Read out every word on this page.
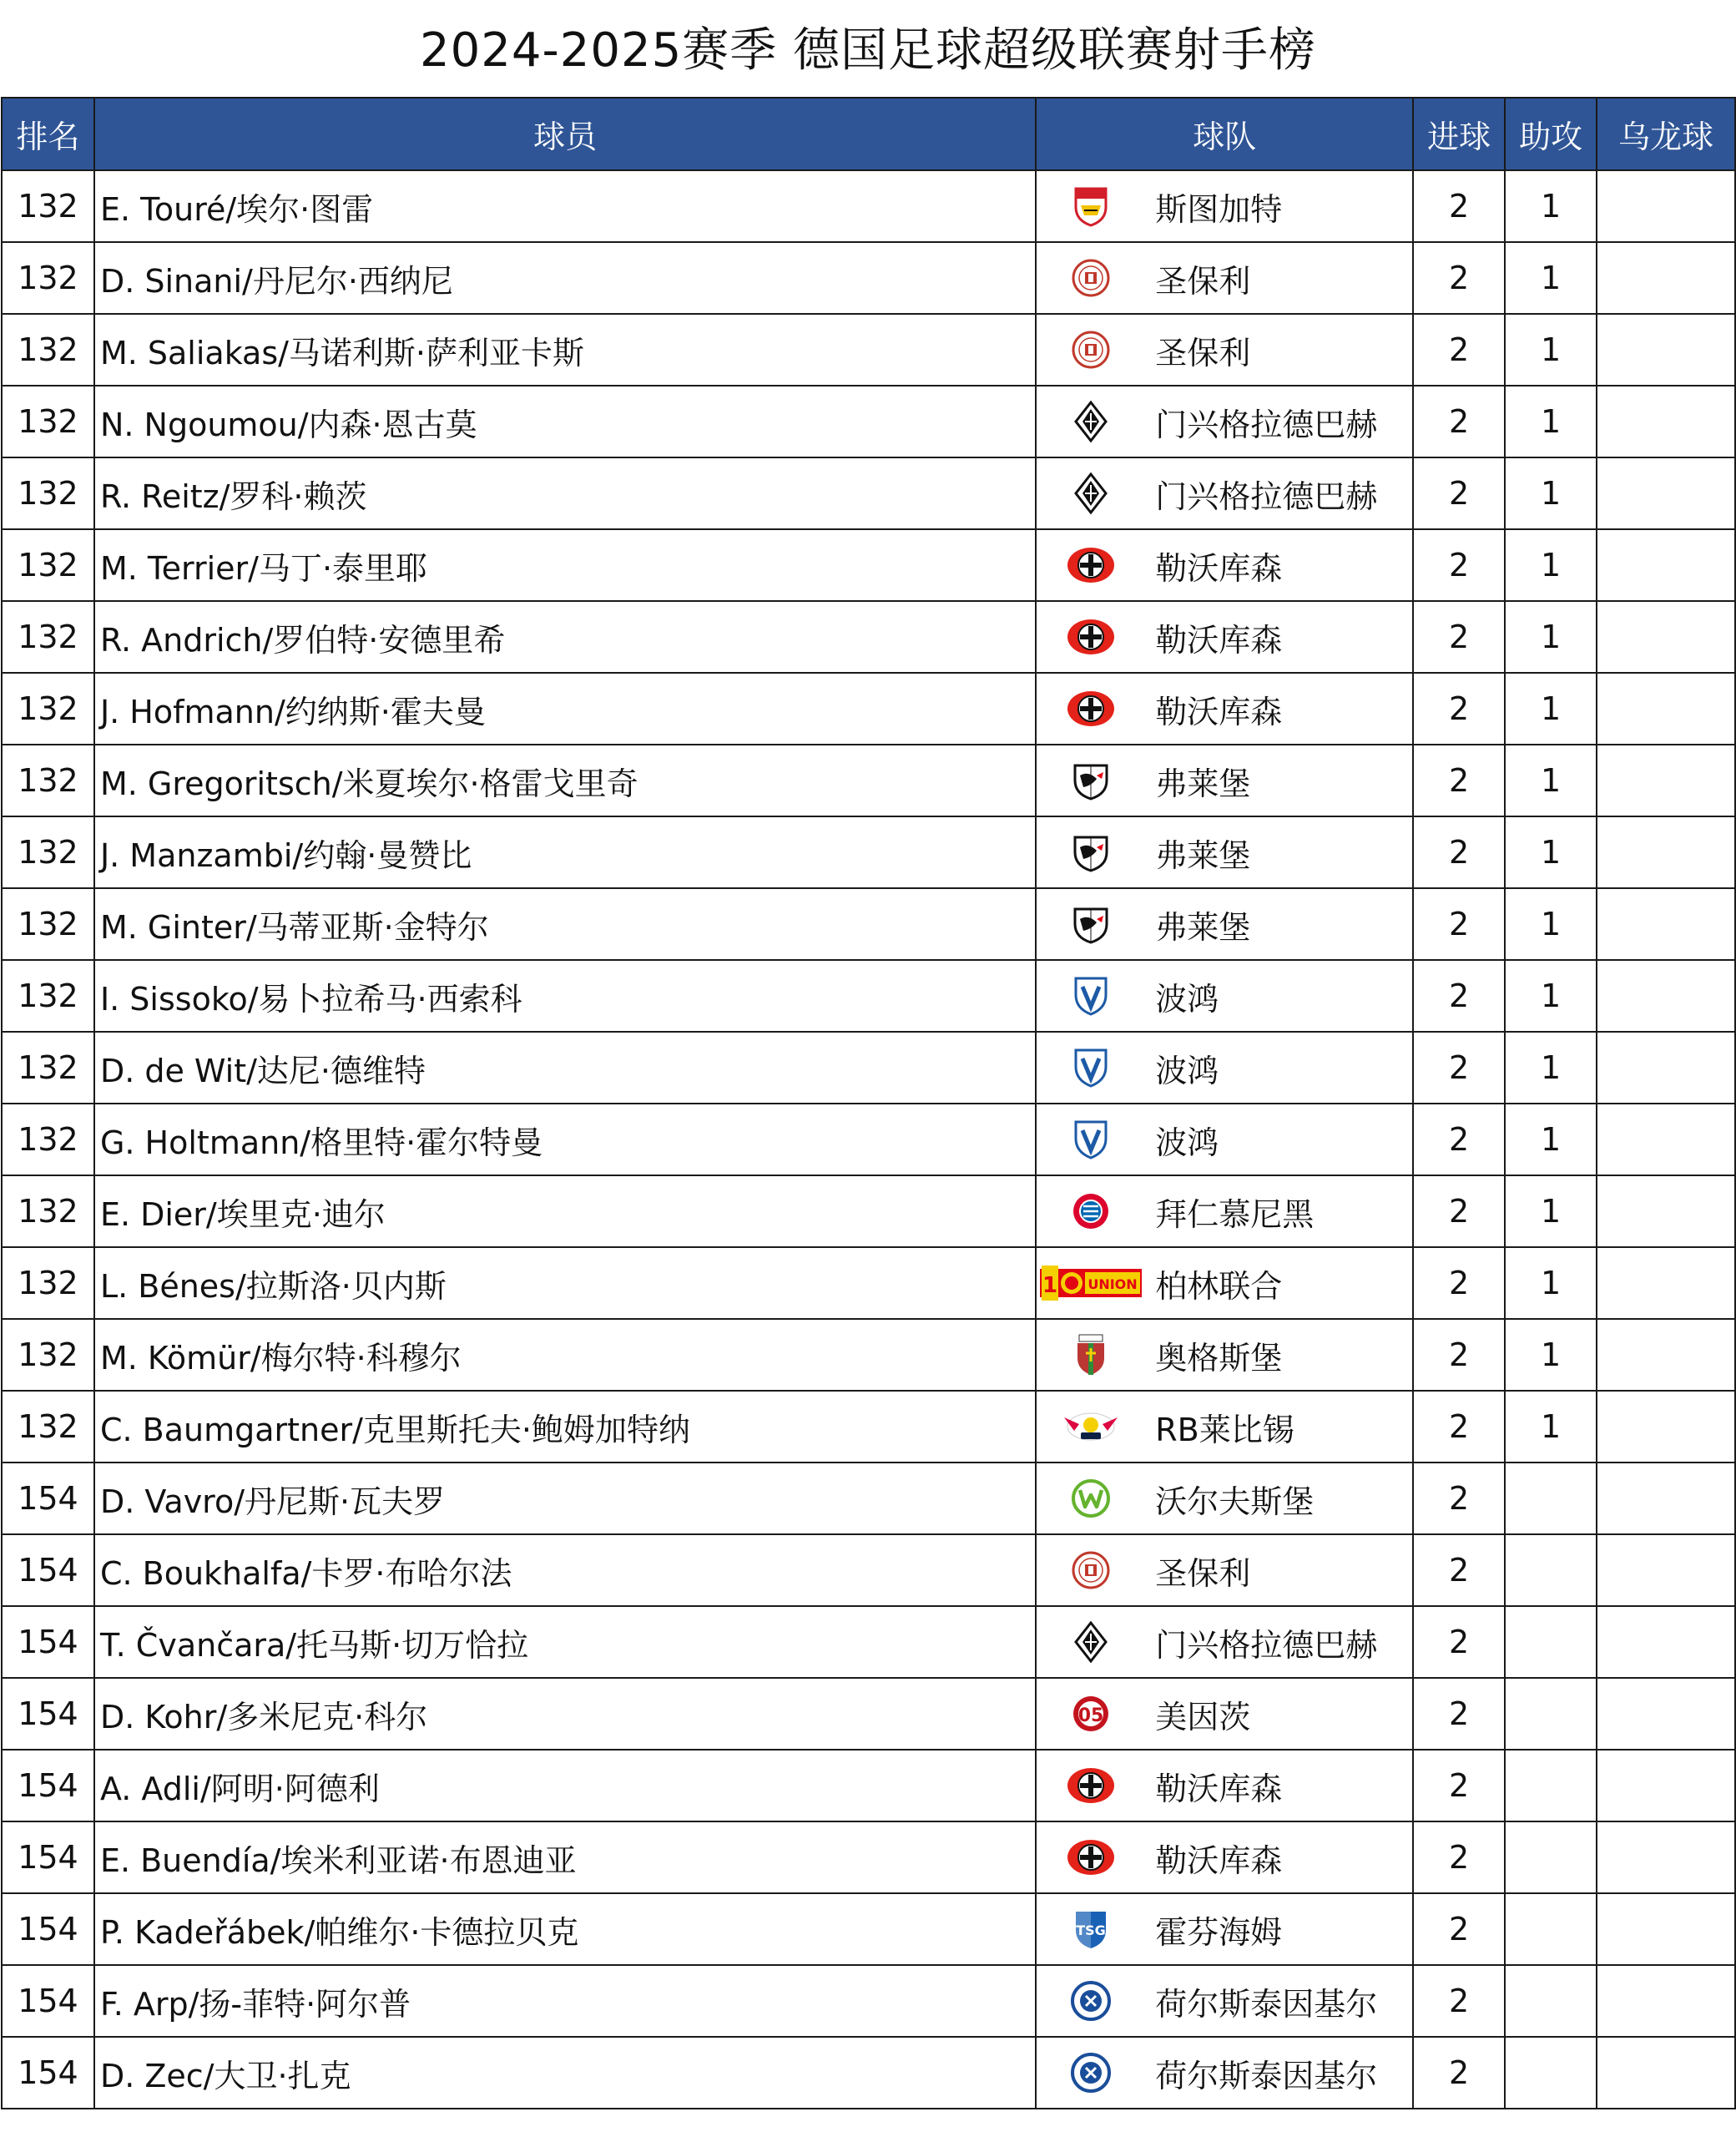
2024-2025赛季 德国足球超级联赛射手榜
排名	球员	球队	进球	助攻	乌龙球
132	E. Touré/埃尔·图雷	斯图加特	2	1	
132	D. Sinani/丹尼尔·西纳尼	圣保利	2	1	
132	M. Saliakas/马诺利斯·萨利亚卡斯	圣保利	2	1	
132	N. Ngoumou/内森·恩古莫	门兴格拉德巴赫	2	1	
132	R. Reitz/罗科·赖茨	门兴格拉德巴赫	2	1	
132	M. Terrier/马丁·泰里耶	勒沃库森	2	1	
132	R. Andrich/罗伯特·安德里希	勒沃库森	2	1	
132	J. Hofmann/约纳斯·霍夫曼	勒沃库森	2	1	
132	M. Gregoritsch/米夏埃尔·格雷戈里奇	弗莱堡	2	1	
132	J. Manzambi/约翰·曼赞比	弗莱堡	2	1	
132	M. Ginter/马蒂亚斯·金特尔	弗莱堡	2	1	
132	I. Sissoko/易卜拉希马·西索科	波鸿	2	1	
132	D. de Wit/达尼·德维特	波鸿	2	1	
132	G. Holtmann/格里特·霍尔特曼	波鸿	2	1	
132	E. Dier/埃里克·迪尔	拜仁慕尼黑	2	1	
132	L. Bénes/拉斯洛·贝内斯	1 UNION 柏林联合	2	1	
132	M. Kömür/梅尔特·科穆尔	奥格斯堡	2	1	
132	C. Baumgartner/克里斯托夫·鲍姆加特纳	RB莱比锡	2	1	
154	D. Vavro/丹尼斯·瓦夫罗	沃尔夫斯堡	2		
154	C. Boukhalfa/卡罗·布哈尔法	圣保利	2		
154	T. Čvančara/托马斯·切万恰拉	门兴格拉德巴赫	2		
154	D. Kohr/多米尼克·科尔	05 美因茨	2		
154	A. Adli/阿明·阿德利	勒沃库森	2		
154	E. Buendía/埃米利亚诺·布恩迪亚	勒沃库森	2		
154	P. Kadeřábek/帕维尔·卡德拉贝克	TSG 霍芬海姆	2		
154	F. Arp/扬-菲特·阿尔普	荷尔斯泰因基尔	2		
154	D. Zec/大卫·扎克	荷尔斯泰因基尔	2		
